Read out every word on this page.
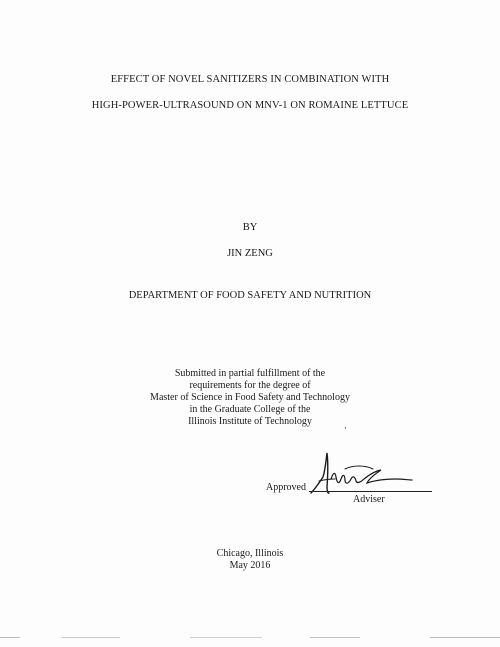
EFFECT OF NOVEL SANITIZERS IN COMBINATION WITH
HIGH-POWER-ULTRASOUND ON MNV-1 ON ROMAINE LETTUCE
BY
JIN ZENG
DEPARTMENT OF FOOD SAFETY AND NUTRITION
Submitted in partial fulfillment of the
requirements for the degree of
Master of Science in Food Safety and Technology
in the Graduate College of the
Illinois Institute of Technology	‚
Approved
Adviser
Chicago, Illinois
May 2016
